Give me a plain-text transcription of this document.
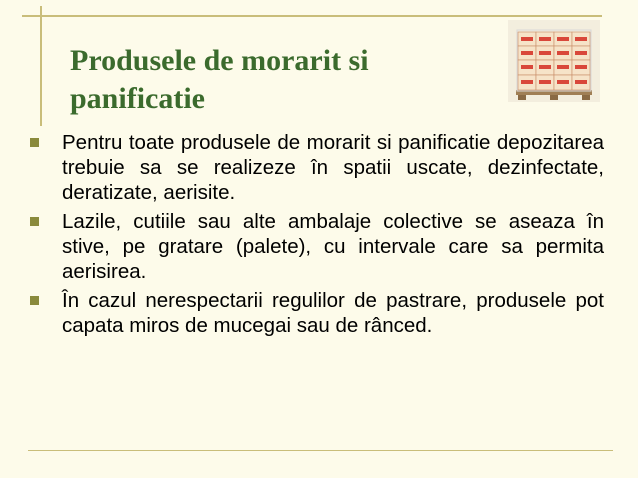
Produsele de morarit si
panificatie
Pentru toate produsele de morarit si panificatie depozitarea trebuie sa se realizeze în spatii uscate, dezinfectate, deratizate, aerisite.
Lazile, cutiile sau alte ambalaje colective se aseaza în stive, pe gratare (palete), cu intervale care sa permita aerisirea.
În cazul nerespectarii regulilor de pastrare, produsele pot capata miros de mucegai sau de rânced.
